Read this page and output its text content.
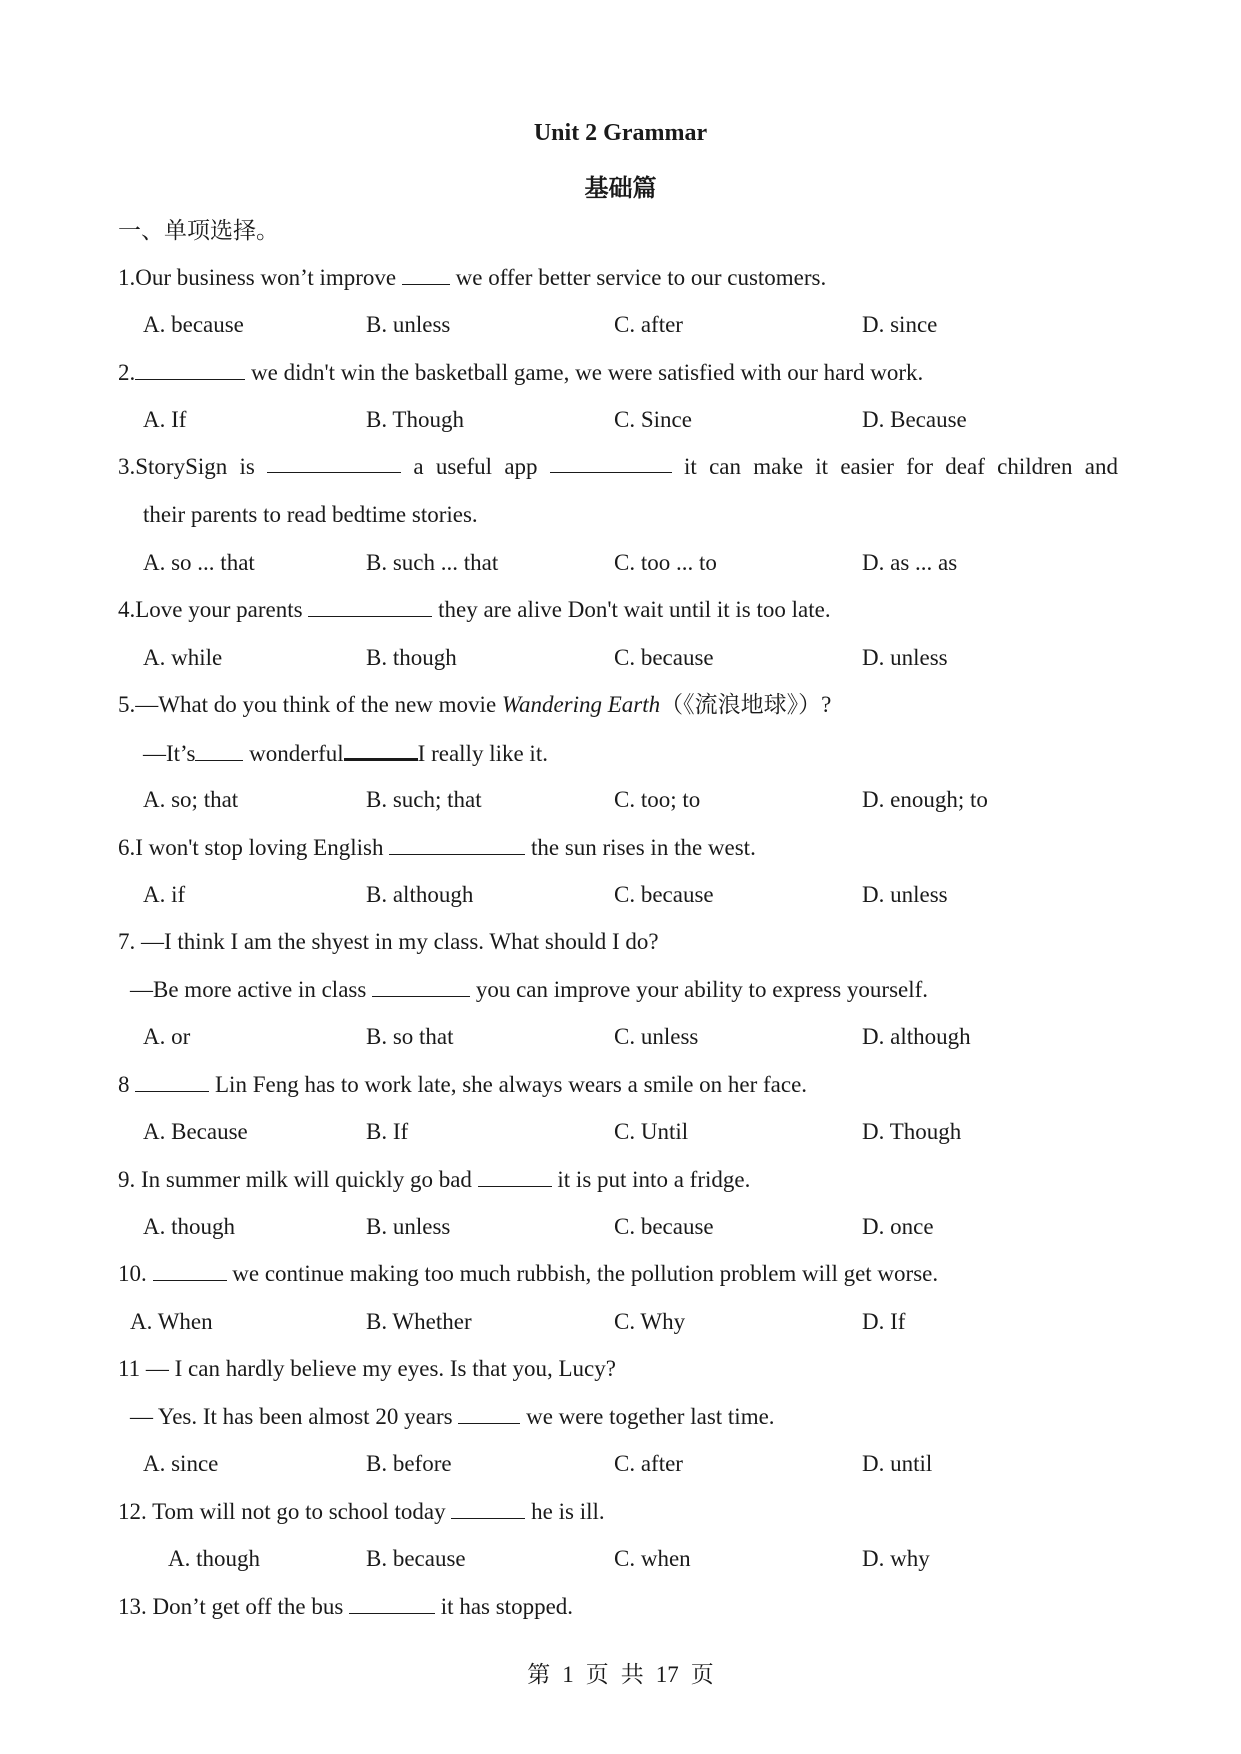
Unit 2 Grammar
基础篇
一、单项选择。
1.Our business won’t improve  we offer better service to our customers.
A. because	B. unless	C. after	D. since
2.	we didn't win the basketball game, we were satisfied with our hard work.
A. If	B. Though	C. Since	D. Because
3.StorySign is	a useful app	it can make it easier for deaf children and
their parents to read bedtime stories.
A. so ... that	B. such ... that	C. too ... to	D. as ... as
4.Love your parents	they are alive Don't wait until it is too late.
A. while	B. though	C. because	D. unless
5.—What do you think of the new movie Wandering Earth（《流浪地球》）?
—It’s wonderful	I really like it.
A. so; that	B. such; that	C. too; to	D. enough; to
6.I won't stop loving English	the sun rises in the west.
A. if	B. although	C. because	D. unless
7. —I think I am the shyest in my class. What should I do?
—Be more active in class	you can improve your ability to express yourself.
A. or	B. so that	C. unless	D. although
8	Lin Feng has to work late, she always wears a smile on her face.
A. Because	B. If	C. Until	D. Though
9. In summer milk will quickly go bad	it is put into a fridge.
A. though	B. unless	C. because	D. once
10.	we continue making too much rubbish, the pollution problem will get worse.
A. When	B. Whether	C. Why	D. If
11 — I can hardly believe my eyes. Is that you, Lucy?
— Yes. It has been almost 20 years	we were together last time.
A. since	B. before	C. after	D. until
12. Tom will not go to school today	he is ill.
A. though	B. because	C. when	D. why
13. Don’t get off the bus	it has stopped.
第 1 页 共 17 页
